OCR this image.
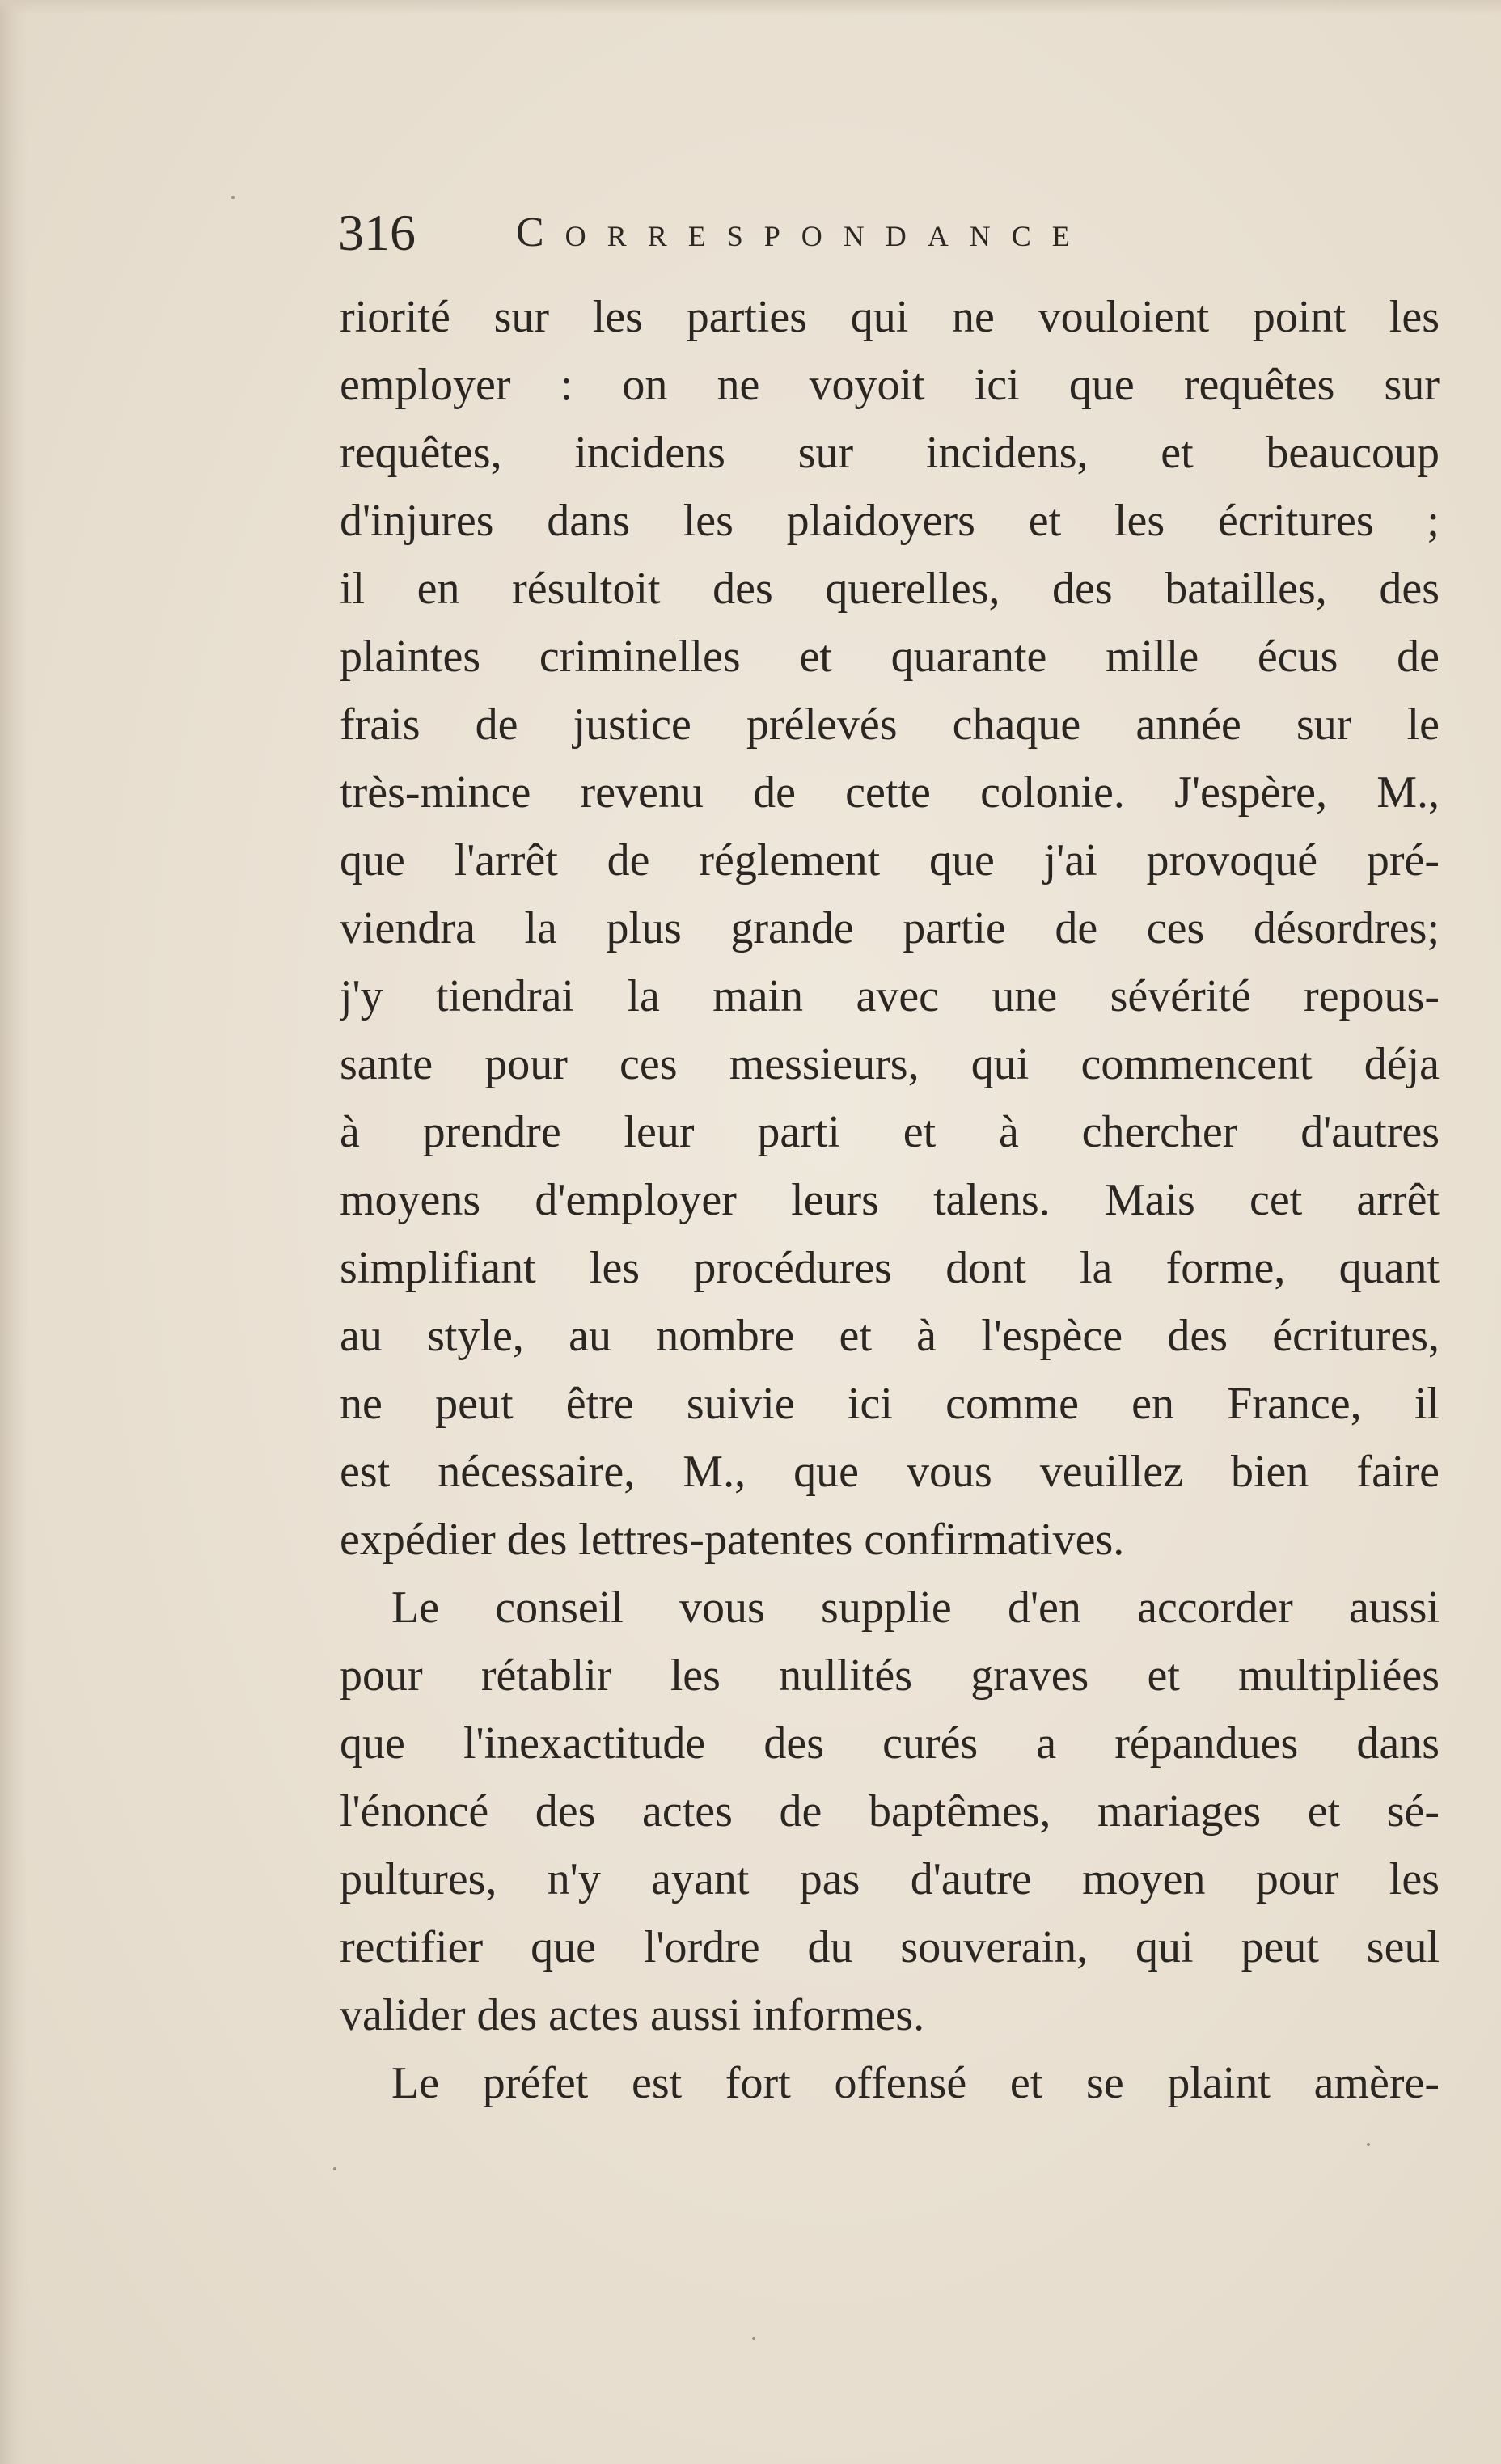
316 Correspondance
riorité sur les parties qui ne vouloient point les
employer : on ne voyoit ici que requêtes sur
requêtes, incidens sur incidens, et beaucoup
d'injures dans les plaidoyers et les écritures ;
il en résultoit des querelles, des batailles, des
plaintes criminelles et quarante mille écus de
frais de justice prélevés chaque année sur le
très-mince revenu de cette colonie. J'espère, M.,
que l'arrêt de réglement que j'ai provoqué pré-
viendra la plus grande partie de ces désordres;
j'y tiendrai la main avec une sévérité repous-
sante pour ces messieurs, qui commencent déja
à prendre leur parti et à chercher d'autres
moyens d'employer leurs talens. Mais cet arrêt
simplifiant les procédures dont la forme, quant
au style, au nombre et à l'espèce des écritures,
ne peut être suivie ici comme en France, il
est nécessaire, M., que vous veuillez bien faire
expédier des lettres-patentes confirmatives.
Le conseil vous supplie d'en accorder aussi
pour rétablir les nullités graves et multipliées
que l'inexactitude des curés a répandues dans
l'énoncé des actes de baptêmes, mariages et sé-
pultures, n'y ayant pas d'autre moyen pour les
rectifier que l'ordre du souverain, qui peut seul
valider des actes aussi informes.
Le préfet est fort offensé et se plaint amère-
